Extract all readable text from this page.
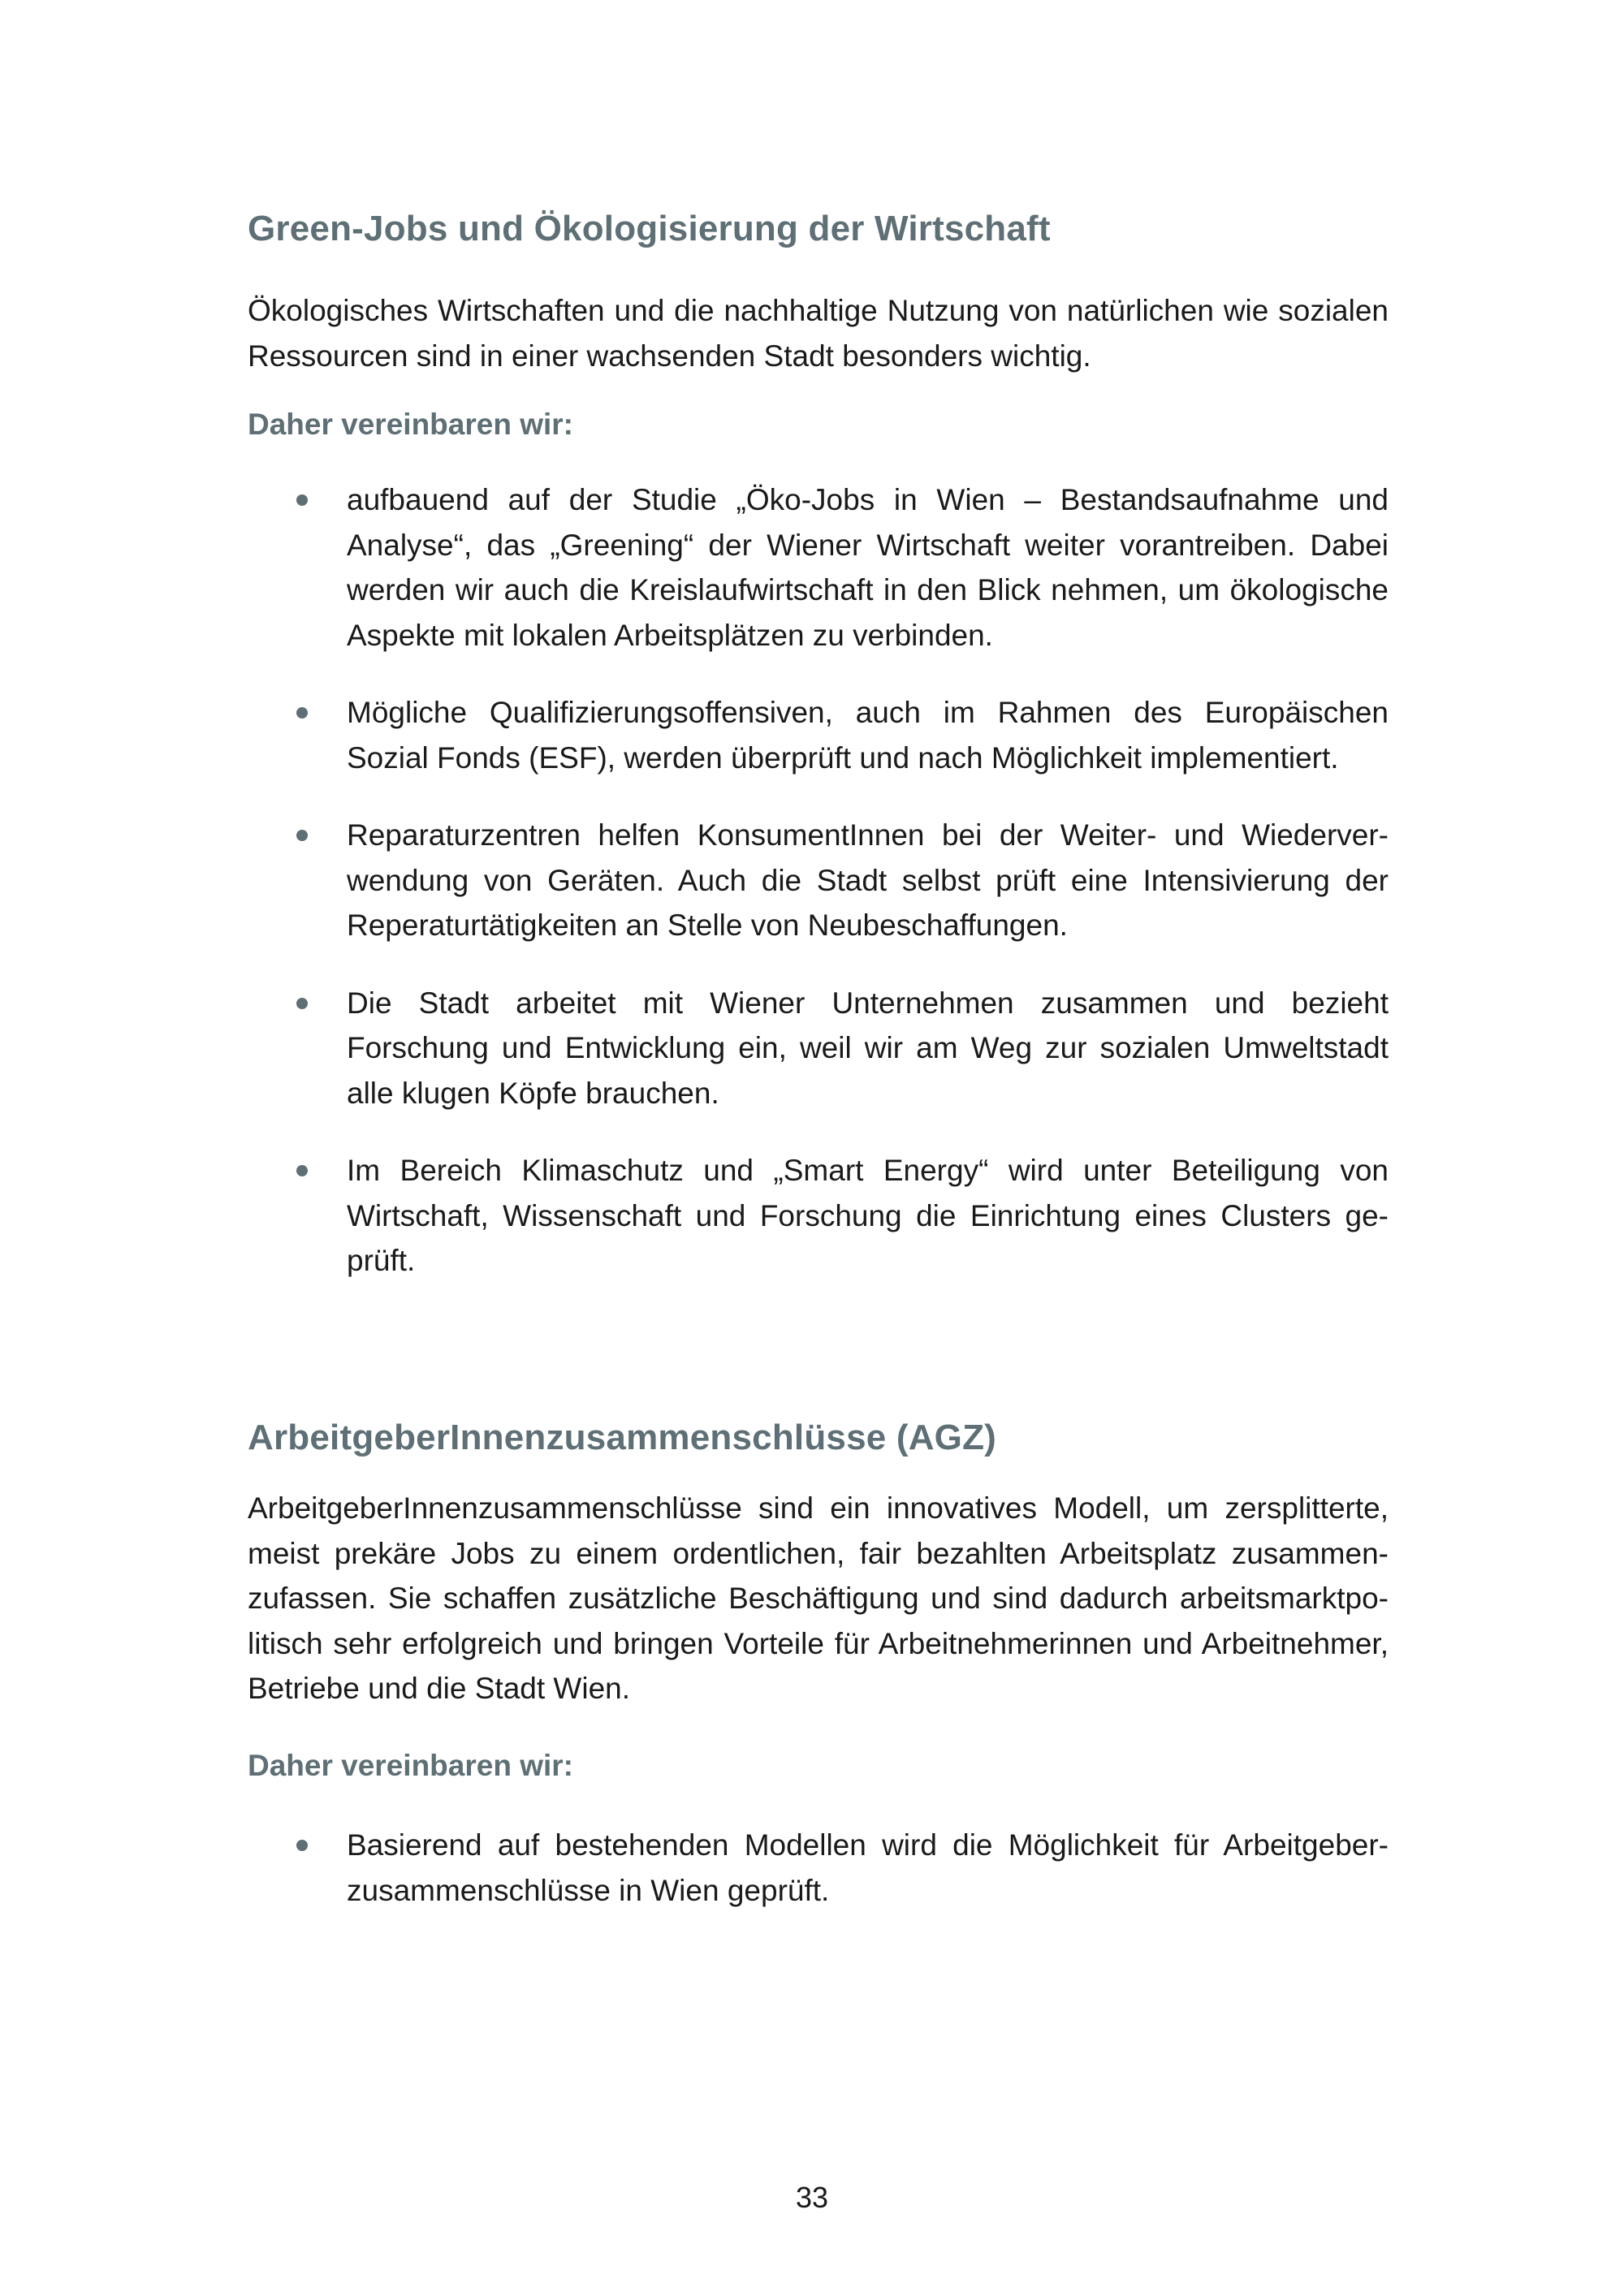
Green-Jobs und Ökologisierung der Wirtschaft

Ökologisches Wirtschaften und die nachhaltige Nutzung von natürlichen wie sozialen Ressourcen sind in einer wachsenden Stadt besonders wichtig.

Daher vereinbaren wir:

aufbauend auf der Studie „Öko-Jobs in Wien – Bestandsaufnahme und Analyse“, das „Greening“ der Wiener Wirtschaft weiter vorantreiben. Dabei werden wir auch die Kreislaufwirtschaft in den Blick nehmen, um ökologische Aspekte mit lokalen Arbeitsplätzen zu verbinden.

Mögliche Qualifizierungsoffensiven, auch im Rahmen des Europäischen Sozial Fonds (ESF), werden überprüft und nach Möglichkeit implementiert.

Reparaturzentren helfen KonsumentInnen bei der Weiter- und Wiederverwendung von Geräten. Auch die Stadt selbst prüft eine Intensivierung der Reperaturtätigkeiten an Stelle von Neubeschaffungen.

Die Stadt arbeitet mit Wiener Unternehmen zusammen und bezieht Forschung und Entwicklung ein, weil wir am Weg zur sozialen Umweltstadt alle klugen Köpfe brauchen.

Im Bereich Klimaschutz und „Smart Energy“ wird unter Beteiligung von Wirtschaft, Wissenschaft und Forschung die Einrichtung eines Clusters geprüft.

ArbeitgeberInnenzusammenschlüsse (AGZ)

ArbeitgeberInnenzusammenschlüsse sind ein innovatives Modell, um zersplitterte, meist prekäre Jobs zu einem ordentlichen, fair bezahlten Arbeitsplatz zusammenzufassen. Sie schaffen zusätzliche Beschäftigung und sind dadurch arbeitsmarktpolitisch sehr erfolgreich und bringen Vorteile für Arbeitnehmerinnen und Arbeitnehmer, Betriebe und die Stadt Wien.

Daher vereinbaren wir:

Basierend auf bestehenden Modellen wird die Möglichkeit für Arbeitgeberzusammenschlüsse in Wien geprüft.

33
